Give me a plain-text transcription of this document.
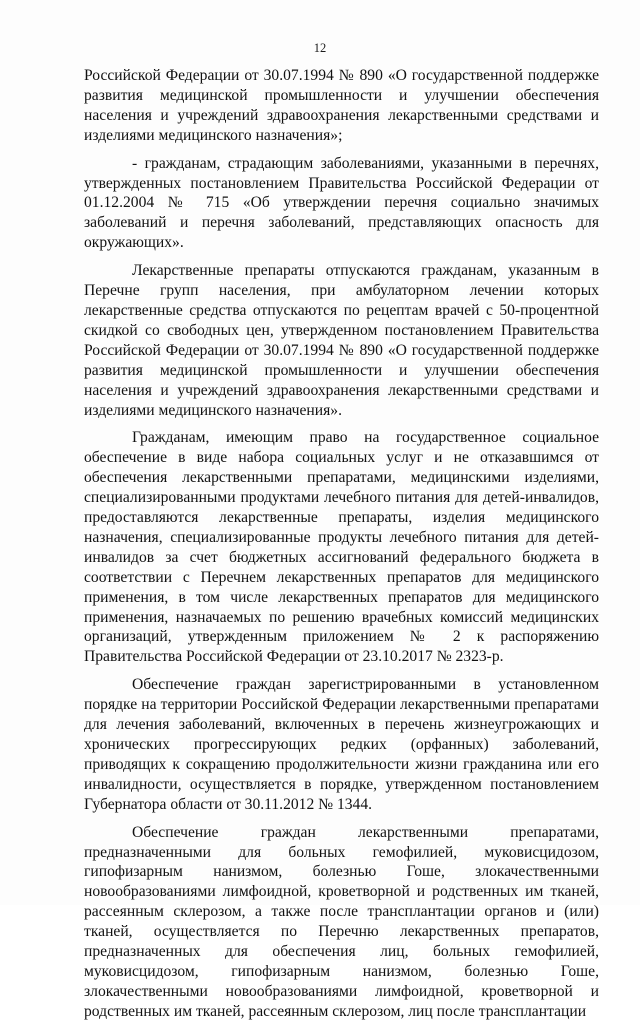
12

Российской Федерации от 30.07.1994 № 890 «О государственной поддержке развития медицинской промышленности и улучшении обеспечения населения и учреждений здравоохранения лекарственными средствами и изделиями медицинского назначения»;

- гражданам, страдающим заболеваниями, указанными в перечнях, утвержденных постановлением Правительства Российской Федерации от 01.12.2004 № 715 «Об утверждении перечня социально значимых заболеваний и перечня заболеваний, представляющих опасность для окружающих».

Лекарственные препараты отпускаются гражданам, указанным в Перечне групп населения, при амбулаторном лечении которых лекарственные средства отпускаются по рецептам врачей с 50-процентной скидкой со свободных цен, утвержденном постановлением Правительства Российской Федерации от 30.07.1994 № 890 «О государственной поддержке развития медицинской промышленности и улучшении обеспечения населения и учреждений здравоохранения лекарственными средствами и изделиями медицинского назначения».

Гражданам, имеющим право на государственное социальное обеспечение в виде набора социальных услуг и не отказавшимся от обеспечения лекарственными препаратами, медицинскими изделиями, специализированными продуктами лечебного питания для детей-инвалидов, предоставляются лекарственные препараты, изделия медицинского назначения, специализированные продукты лечебного питания для детей-инвалидов за счет бюджетных ассигнований федерального бюджета в соответствии с Перечнем лекарственных препаратов для медицинского применения, в том числе лекарственных препаратов для медицинского применения, назначаемых по решению врачебных комиссий медицинских организаций, утвержденным приложением № 2 к распоряжению Правительства Российской Федерации от 23.10.2017 № 2323-р.

Обеспечение граждан зарегистрированными в установленном порядке на территории Российской Федерации лекарственными препаратами для лечения заболеваний, включенных в перечень жизнеугрожающих и хронических прогрессирующих редких (орфанных) заболеваний, приводящих к сокращению продолжительности жизни гражданина или его инвалидности, осуществляется в порядке, утвержденном постановлением Губернатора области от 30.11.2012 № 1344.

Обеспечение граждан лекарственными препаратами, предназначенными для больных гемофилией, муковисцидозом, гипофизарным нанизмом, болезнью Гоше, злокачественными новообразованиями лимфоидной, кроветворной и родственных им тканей, рассеянным склерозом, а также после трансплантации органов и (или) тканей, осуществляется по Перечню лекарственных препаратов, предназначенных для обеспечения лиц, больных гемофилией, муковисцидозом, гипофизарным нанизмом, болезнью Гоше, злокачественными новообразованиями лимфоидной, кроветворной и родственных им тканей, рассеянным склерозом, лиц после трансплантации
